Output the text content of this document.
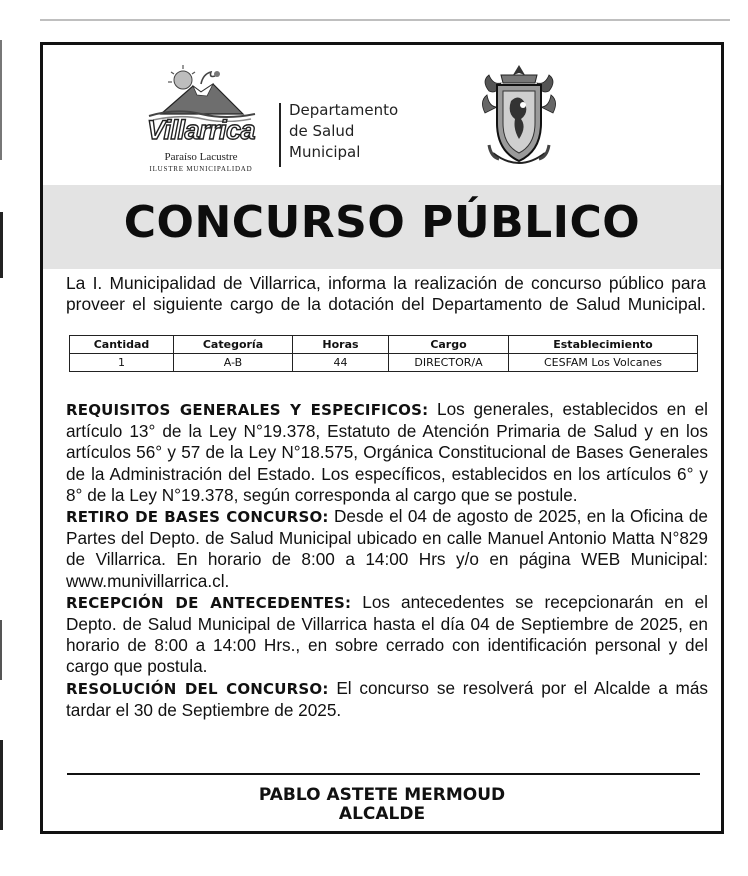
Villarrica
Paraíso Lacustre
ILUSTRE MUNICIPALIDAD
Departamento
de Salud
Municipal
CONCURSO PÚBLICO
La I. Municipalidad de Villarrica, informa la realización de concurso público para
proveer el siguiente cargo de la dotación del Departamento de Salud Municipal.
Cantidad	Categoría	Horas	Cargo	Establecimiento
1	A-B	44	DIRECTOR/A	CESFAM Los Volcanes

REQUISITOS GENERALES Y ESPECIFICOS: Los generales, establecidos en el artículo 13° de la Ley N°19.378, Estatuto de Atención Primaria de Salud y en los artículos 56° y 57 de la Ley N°18.575, Orgánica Constitucional de Bases Generales de la Administración del Estado. Los específicos, establecidos en los artículos 6° y 8° de la Ley N°19.378, según corresponda al cargo que se postule.

RETIRO DE BASES CONCURSO: Desde el 04 de agosto de 2025, en la Oficina de Partes del Depto. de Salud Municipal ubicado en calle Manuel Antonio Matta N°829 de Villarrica. En horario de 8:00 a 14:00 Hrs y/o en página WEB Municipal: www.munivillarrica.cl.

RECEPCIÓN DE ANTECEDENTES: Los antecedentes se recepcionarán en el Depto. de Salud Municipal de Villarrica hasta el día 04 de Septiembre de 2025, en horario de 8:00 a 14:00 Hrs., en sobre cerrado con identificación personal y del cargo que postula.

RESOLUCIÓN DEL CONCURSO: El concurso se resolverá por el Alcalde a más tardar el 30 de Septiembre de 2025.

PABLO ASTETE MERMOUD
ALCALDE
